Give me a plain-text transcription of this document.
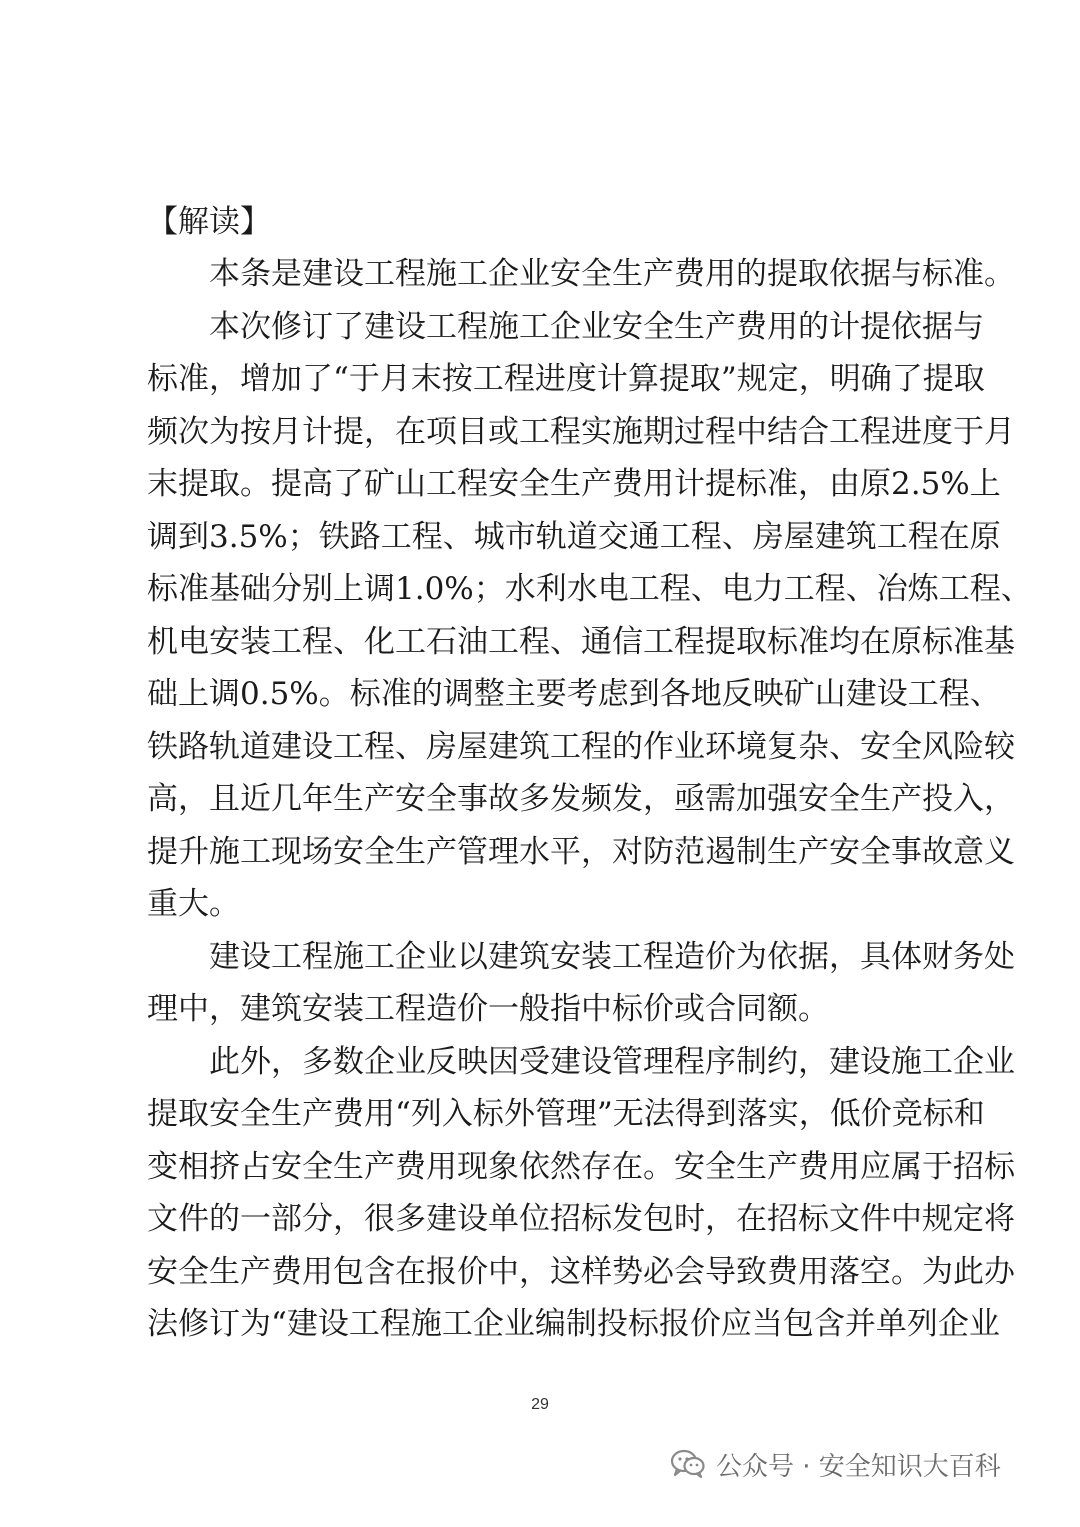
【解读】
本条是建设工程施工企业安全生产费用的提取依据与标准。
本次修订了建设工程施工企业安全生产费用的计提依据与
标准，增加了“于月末按工程进度计算提取”规定，明确了提取
频次为按月计提，在项目或工程实施期过程中结合工程进度于月
末提取。提高了矿山工程安全生产费用计提标准，由原2.5%上
调到3.5%；铁路工程、城市轨道交通工程、房屋建筑工程在原
标准基础分别上调1.0%；水利水电工程、电力工程、冶炼工程、
机电安装工程、化工石油工程、通信工程提取标准均在原标准基
础上调0.5%。标准的调整主要考虑到各地反映矿山建设工程、
铁路轨道建设工程、房屋建筑工程的作业环境复杂、安全风险较
高，且近几年生产安全事故多发频发，亟需加强安全生产投入，
提升施工现场安全生产管理水平，对防范遏制生产安全事故意义
重大。
建设工程施工企业以建筑安装工程造价为依据，具体财务处
理中，建筑安装工程造价一般指中标价或合同额。
此外，多数企业反映因受建设管理程序制约，建设施工企业
提取安全生产费用“列入标外管理”无法得到落实，低价竞标和
变相挤占安全生产费用现象依然存在。安全生产费用应属于招标
文件的一部分，很多建设单位招标发包时，在招标文件中规定将
安全生产费用包含在报价中，这样势必会导致费用落空。为此办
法修订为“建设工程施工企业编制投标报价应当包含并单列企业
29
公众号 · 安全知识大百科
